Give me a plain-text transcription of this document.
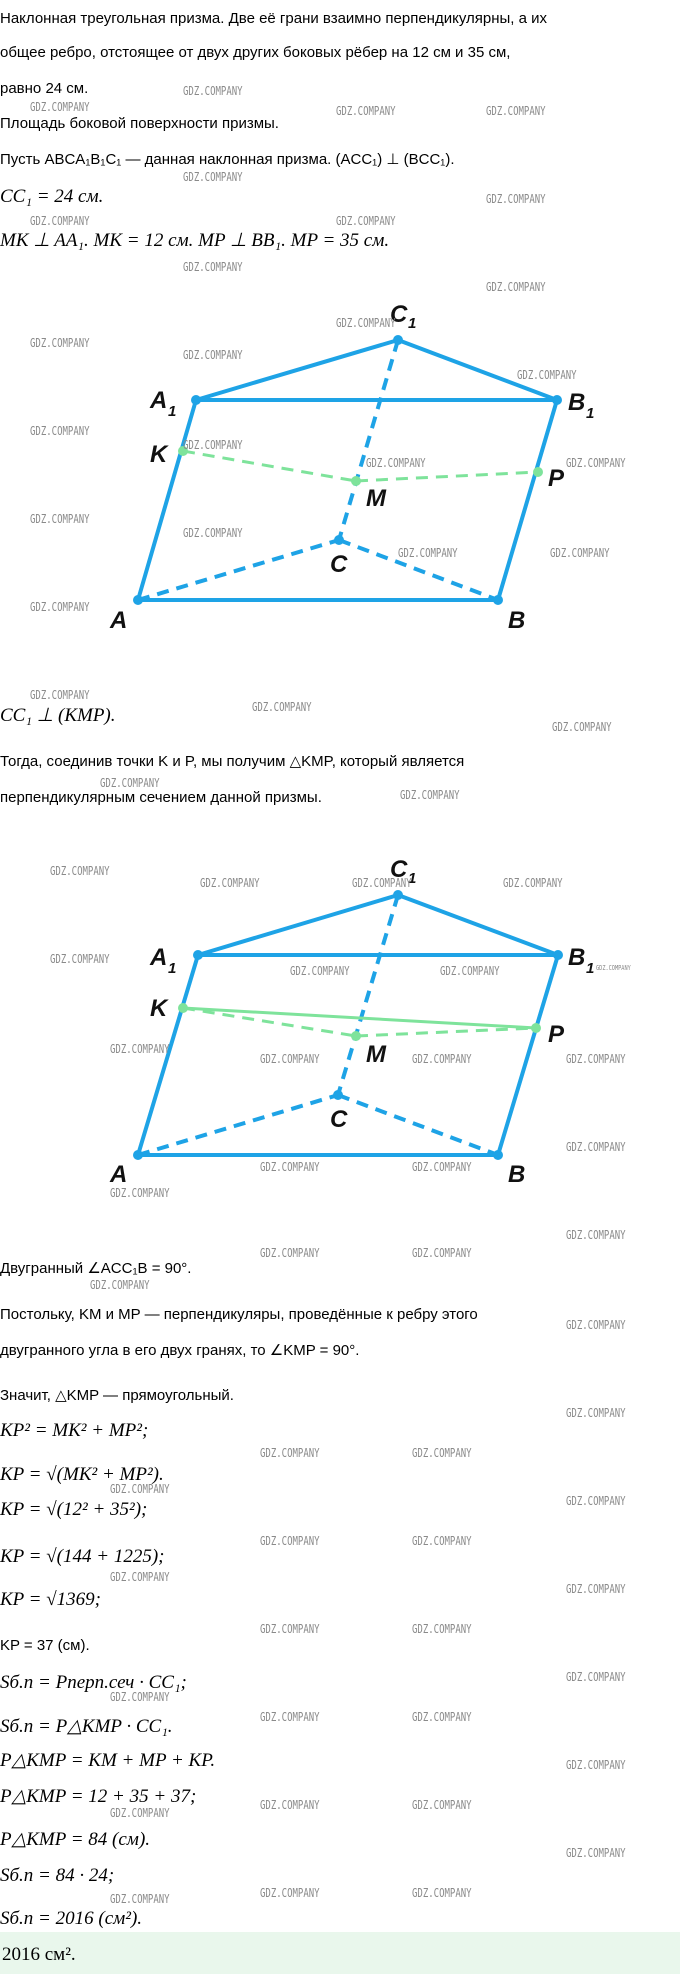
Наклонная треугольная призма. Две её грани взаимно перпендикулярны, а их
общее ребро, отстоящее от двух других боковых рёбер на 12 см и 35 см,
равно 24 см.
Площадь боковой поверхности призмы.
Пусть ABCA₁B₁C₁ — данная наклонная призма. (ACC₁) ⊥ (BCC₁).
CC₁ = 24 см.
MK ⊥ AA₁. MK = 12 см. MP ⊥ BB₁. MP = 35 см.
C 1
A 1	B 1
K
M
P
C
A	B
CC₁ ⊥ (KMP).
Тогда, соединив точки K и P, мы получим △KMP, который является
перпендикулярным сечением данной призмы.
C 1
A 1	B 1
K
M
P
C
A	B
Двугранный ∠ACC₁B = 90°.
Постольку, KM и MP — перпендикуляры, проведённые к ребру этого
двугранного угла в его двух гранях, то ∠KMP = 90°.
Значит, △KMP — прямоугольный.
KP² = MK² + MP²;
KP = √(MK² + MP²).
KP = √(12² + 35²);
KP = √(144 + 1225);
KP = √1369;
KP = 37 (см).
Sб.п = Pперп.сеч · CC₁;
Sб.п = P△KMP · CC₁.
P△KMP = KM + MP + KP.
P△KMP = 12 + 35 + 37;
P△KMP = 84 (см).
Sб.п = 84 · 24;
Sб.п = 2016 (см²).
2016 см².
GDZ.COMPANY
GDZ.COMPANY	GDZ.COMPANY	GDZ.COMPANY
GDZ.COMPANY
GDZ.COMPANY	GDZ.COMPANY
GDZ.COMPANY
GDZ.COMPANY
GDZ.COMPANY
GDZ.COMPANY
GDZ.COMPANY
GDZ.COMPANY
GDZ.COMPANY
GDZ.COMPANY
GDZ.COMPANY
GDZ.COMPANY	GDZ.COMPANY
GDZ.COMPANY
GDZ.COMPANY
GDZ.COMPANY	GDZ.COMPANY
GDZ.COMPANY
GDZ.COMPANY
GDZ.COMPANY
GDZ.COMPANY
GDZ.COMPANY
GDZ.COMPANY
GDZ.COMPANY
GDZ.COMPANY	GDZ.COMPANY	GDZ.COMPANY
GDZ.COMPANY
GDZ.COMPANY	GDZ.COMPANY	GDZ.COMPANY
GDZ.COMPANY
GDZ.COMPANY	GDZ.COMPANY	GDZ.COMPANY
GDZ.COMPANY
GDZ.COMPANY	GDZ.COMPANY
GDZ.COMPANY
GDZ.COMPANY
GDZ.COMPANY	GDZ.COMPANY
GDZ.COMPANY
GDZ.COMPANY
GDZ.COMPANY
GDZ.COMPANY	GDZ.COMPANY
GDZ.COMPANY
GDZ.COMPANY
GDZ.COMPANY	GDZ.COMPANY
GDZ.COMPANY
GDZ.COMPANY
GDZ.COMPANY	GDZ.COMPANY
GDZ.COMPANY
GDZ.COMPANY
GDZ.COMPANY	GDZ.COMPANY
GDZ.COMPANY
GDZ.COMPANY
GDZ.COMPANY	GDZ.COMPANY
GDZ.COMPANY
GDZ.COMPANY	GDZ.COMPANY
GDZ.COMPANY
